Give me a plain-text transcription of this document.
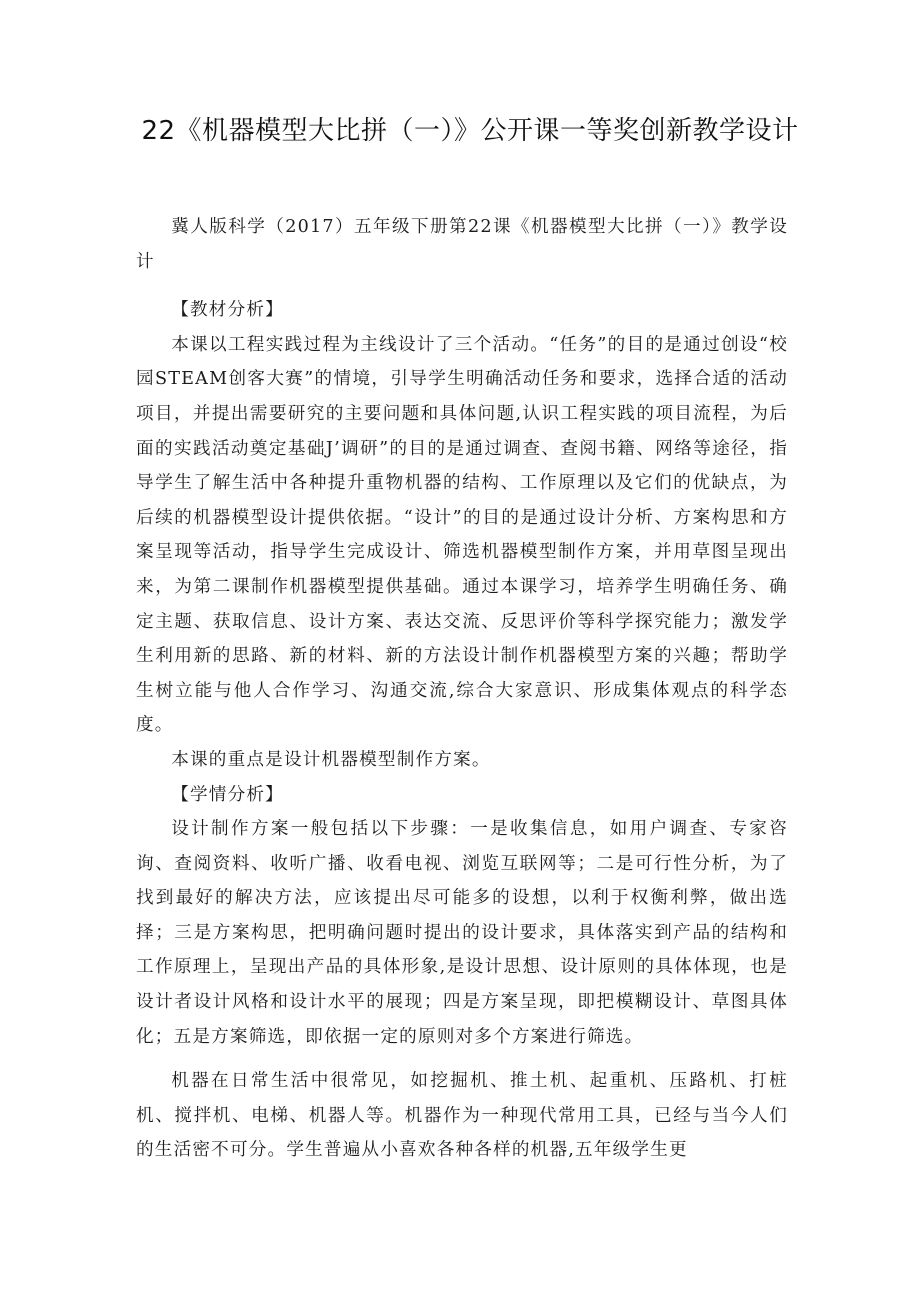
22《机器模型大比拼（一）》公开课一等奖创新教学设计

冀人版科学（2017）五年级下册第22课《机器模型大比拼（一）》教学设计

【教材分析】

本课以工程实践过程为主线设计了三个活动。“任务”的目的是通过创设“校园STEAM创客大赛”的情境，引导学生明确活动任务和要求，选择合适的活动项目，并提出需要研究的主要问题和具体问题,认识工程实践的项目流程，为后面的实践活动奠定基础J’调研”的目的是通过调查、查阅书籍、网络等途径，指导学生了解生活中各种提升重物机器的结构、工作原理以及它们的优缺点，为后续的机器模型设计提供依据。“设计”的目的是通过设计分析、方案构思和方案呈现等活动，指导学生完成设计、筛选机器模型制作方案，并用草图呈现出来，为第二课制作机器模型提供基础。通过本课学习，培养学生明确任务、确定主题、获取信息、设计方案、表达交流、反思评价等科学探究能力；激发学生利用新的思路、新的材料、新的方法设计制作机器模型方案的兴趣；帮助学生树立能与他人合作学习、沟通交流,综合大家意识、形成集体观点的科学态度。

本课的重点是设计机器模型制作方案。

【学情分析】

设计制作方案一般包括以下步骤：一是收集信息，如用户调查、专家咨询、查阅资料、收听广播、收看电视、浏览互联网等；二是可行性分析，为了找到最好的解决方法，应该提出尽可能多的设想，以利于权衡利弊，做出选择；三是方案构思，把明确问题时提出的设计要求，具体落实到产品的结构和工作原理上，呈现出产品的具体形象,是设计思想、设计原则的具体体现，也是设计者设计风格和设计水平的展现；四是方案呈现，即把模糊设计、草图具体化；五是方案筛选，即依据一定的原则对多个方案进行筛选。

机器在日常生活中很常见，如挖掘机、推土机、起重机、压路机、打桩机、搅拌机、电梯、机器人等。机器作为一种现代常用工具，已经与当今人们的生活密不可分。学生普遍从小喜欢各种各样的机器,五年级学生更
